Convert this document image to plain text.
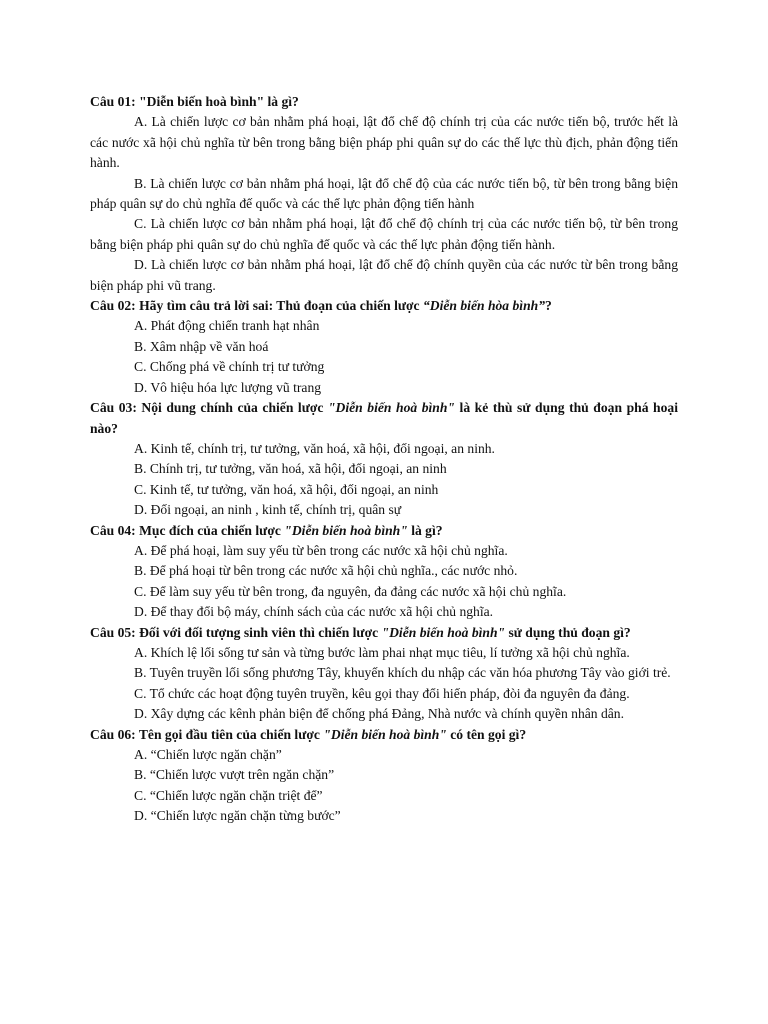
Câu 01: "Diễn biến hoà bình" là gì?
A. Là chiến lược cơ bản nhằm phá hoại, lật đổ chế độ chính trị của các nước tiến bộ, trước hết là các nước xã hội chủ nghĩa từ bên trong bằng biện pháp phi quân sự do các thế lực thù địch, phản động tiến hành.
B. Là chiến lược cơ bản nhằm phá hoại, lật đổ chế độ của các nước tiến bộ, từ bên trong bằng biện pháp quân sự do chủ nghĩa đế quốc và các thế lực phản động tiến hành
C. Là chiến lược cơ bản nhằm phá hoại, lật đổ chế độ chính trị của các nước tiến bộ, từ bên trong bằng biện pháp phi quân sự do chủ nghĩa đế quốc và các thế lực phản động tiến hành.
D. Là chiến lược cơ bản nhằm phá hoại, lật đổ chế độ chính quyền của các nước từ bên trong bằng biện pháp phi vũ trang.
Câu 02: Hãy tìm câu trả lời sai: Thủ đoạn của chiến lược “Diễn biến hòa bình”?
A. Phát động chiến tranh hạt nhân
B. Xâm nhập về văn hoá
C. Chống phá về chính trị tư tưởng
D. Vô hiệu hóa lực lượng vũ trang
Câu 03: Nội dung chính của chiến lược "Diễn biến hoà bình" là kẻ thù sử dụng thủ đoạn phá hoại nào?
A. Kinh tế, chính trị, tư tưởng, văn hoá, xã hội, đối ngoại, an ninh.
B. Chính trị, tư tưởng, văn hoá, xã hội, đối ngoại, an ninh
C. Kinh tế, tư tưởng, văn hoá, xã hội, đối ngoại, an ninh
D. Đối ngoại, an ninh , kinh tế, chính trị, quân sự
Câu 04: Mục đích của chiến lược "Diễn biến hoà bình" là gì?
A. Để phá hoại, làm suy yếu từ bên trong các nước xã hội chủ nghĩa.
B. Để phá hoại từ bên trong các nước xã hội chủ nghĩa., các nước nhỏ.
C. Để làm suy yếu từ bên trong, đa nguyên, đa đảng các nước xã hội chủ nghĩa.
D. Để thay đổi bộ máy, chính sách của các nước xã hội chủ nghĩa.
Câu 05: Đối với đối tượng sinh viên thì chiến lược "Diễn biến hoà bình" sử dụng thủ đoạn gì?
A. Khích lệ lối sống tư sản và từng bước làm phai nhạt mục tiêu, lí tưởng xã hội chủ nghĩa.
B. Tuyên truyền lối sống phương Tây, khuyến khích du nhập các văn hóa phương Tây vào giới trẻ.
C. Tổ chức các hoạt động tuyên truyền, kêu gọi thay đổi hiến pháp, đòi đa nguyên đa đảng.
D. Xây dựng các kênh phản biện để chống phá Đảng, Nhà nước và chính quyền nhân dân.
Câu 06: Tên gọi đầu tiên của chiến lược "Diễn biến hoà bình" có tên gọi gì?
A. “Chiến lược ngăn chặn”
B. “Chiến lược vượt trên ngăn chặn”
C. “Chiến lược ngăn chặn triệt để”
D. “Chiến lược ngăn chặn từng bước”
